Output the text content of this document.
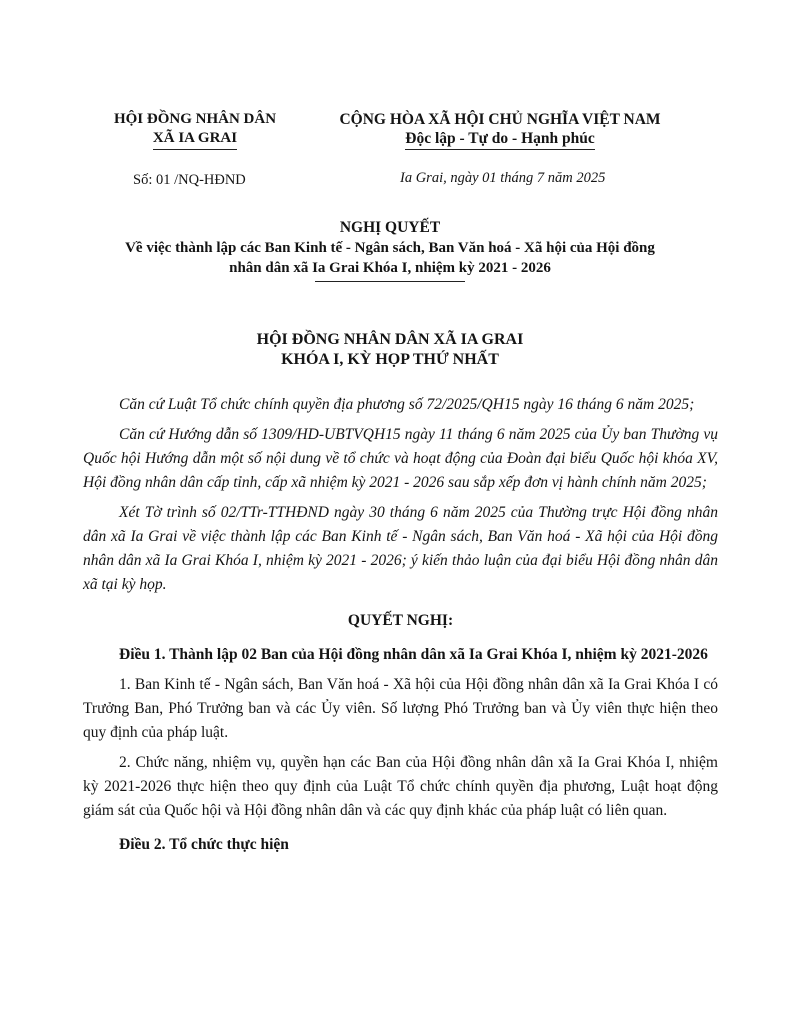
HỘI ĐỒNG NHÂN DÂN
XÃ IA GRAI
CỘNG HÒA XÃ HỘI CHỦ NGHĨA VIỆT NAM
Độc lập - Tự do - Hạnh phúc
Số: 01 /NQ-HĐND	Ia Grai, ngày 01 tháng 7 năm 2025
NGHỊ QUYẾT
Về việc thành lập các Ban Kinh tế - Ngân sách, Ban Văn hoá - Xã hội của Hội đồng
nhân dân xã Ia Grai Khóa I, nhiệm kỳ 2021 - 2026
HỘI ĐỒNG NHÂN DÂN XÃ IA GRAI
KHÓA I, KỲ HỌP THỨ NHẤT

Căn cứ Luật Tổ chức chính quyền địa phương số 72/2025/QH15 ngày 16 tháng 6 năm 2025;

Căn cứ Hướng dẫn số 1309/HD-UBTVQH15 ngày 11 tháng 6 năm 2025 của Ủy ban Thường vụ Quốc hội Hướng dẫn một số nội dung về tổ chức và hoạt động của Đoàn đại biểu Quốc hội khóa XV, Hội đồng nhân dân cấp tỉnh, cấp xã nhiệm kỳ 2021 - 2026 sau sắp xếp đơn vị hành chính năm 2025;

Xét Tờ trình số 02/TTr-TTHĐND ngày 30 tháng 6 năm 2025 của Thường trực Hội đồng nhân dân xã Ia Grai về việc thành lập các Ban Kinh tế - Ngân sách, Ban Văn hoá - Xã hội của Hội đồng nhân dân xã Ia Grai Khóa I, nhiệm kỳ 2021 - 2026; ý kiến thảo luận của đại biểu Hội đồng nhân dân xã tại kỳ họp.

QUYẾT NGHỊ:

Điều 1. Thành lập 02 Ban của Hội đồng nhân dân xã Ia Grai Khóa I, nhiệm kỳ 2021-2026

1. Ban Kinh tế - Ngân sách, Ban Văn hoá - Xã hội của Hội đồng nhân dân xã Ia Grai Khóa I có Trưởng Ban, Phó Trưởng ban và các Ủy viên. Số lượng Phó Trưởng ban và Ủy viên thực hiện theo quy định của pháp luật.

2. Chức năng, nhiệm vụ, quyền hạn các Ban của Hội đồng nhân dân xã Ia Grai Khóa I, nhiệm kỳ 2021-2026 thực hiện theo quy định của Luật Tổ chức chính quyền địa phương, Luật hoạt động giám sát của Quốc hội và Hội đồng nhân dân và các quy định khác của pháp luật có liên quan.

Điều 2. Tổ chức thực hiện
